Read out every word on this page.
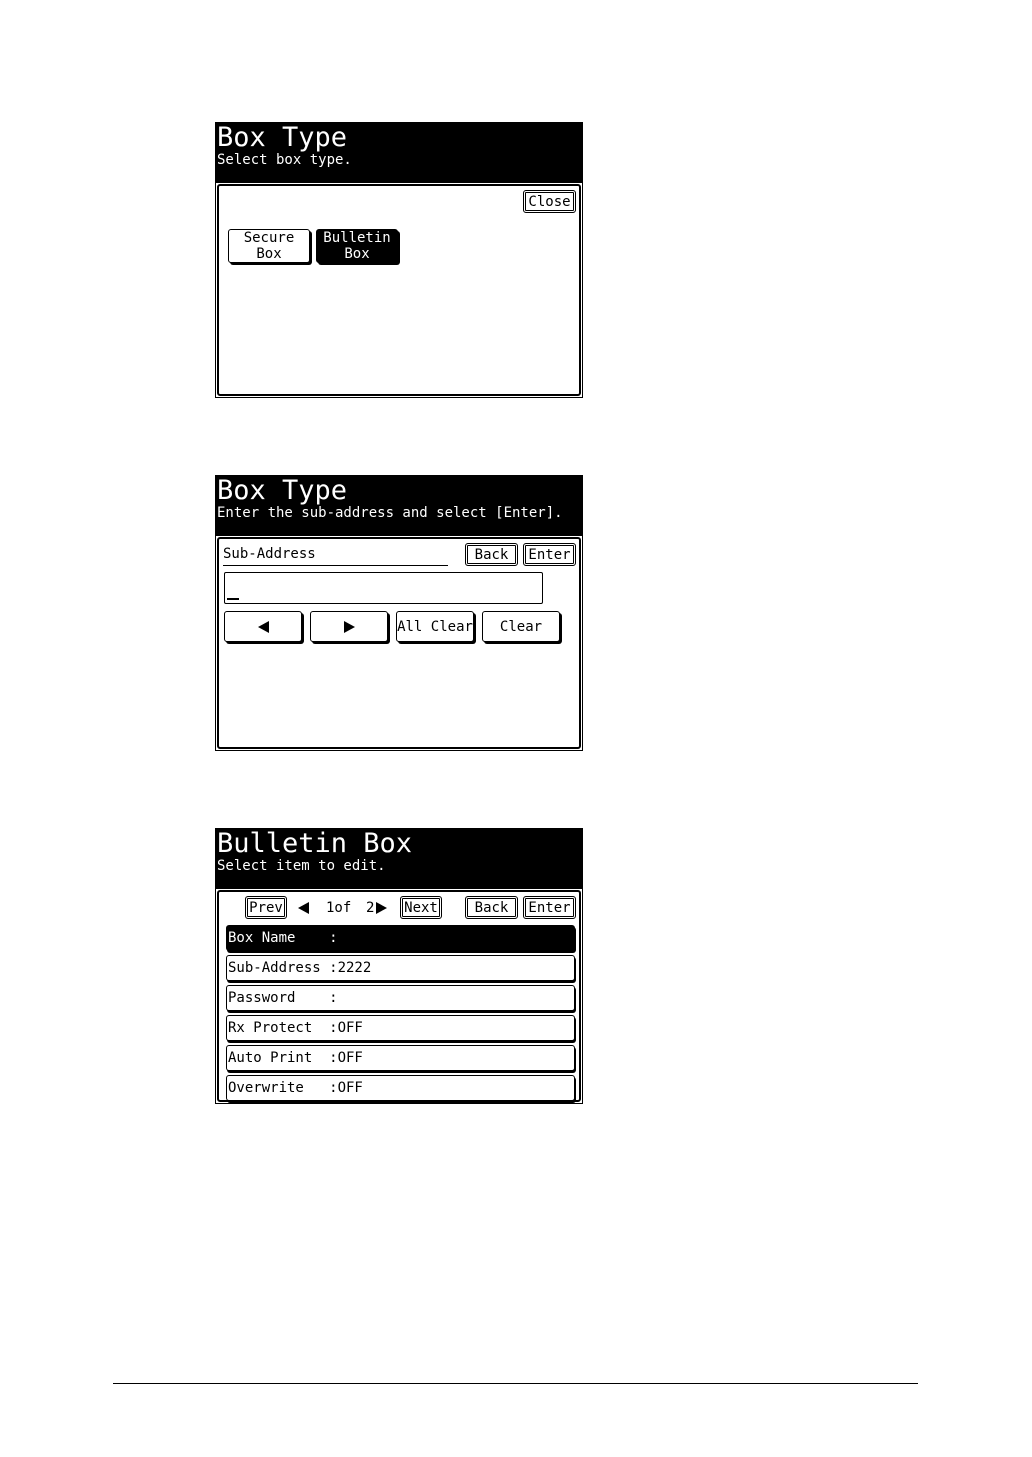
Box Type
Select box type.
Close
Secure
Box
Bulletin
Box
Box Type
Enter the sub-address and select [Enter].
Sub-Address	Back	Enter
All Clear	Clear
Bulletin Box
Select item to edit.
Prev	1of 2 Next	Back	Enter
Box Name    :
Sub-Address :2222
Password    :
Rx Protect  :OFF
Auto Print  :OFF
Overwrite   :OFF
